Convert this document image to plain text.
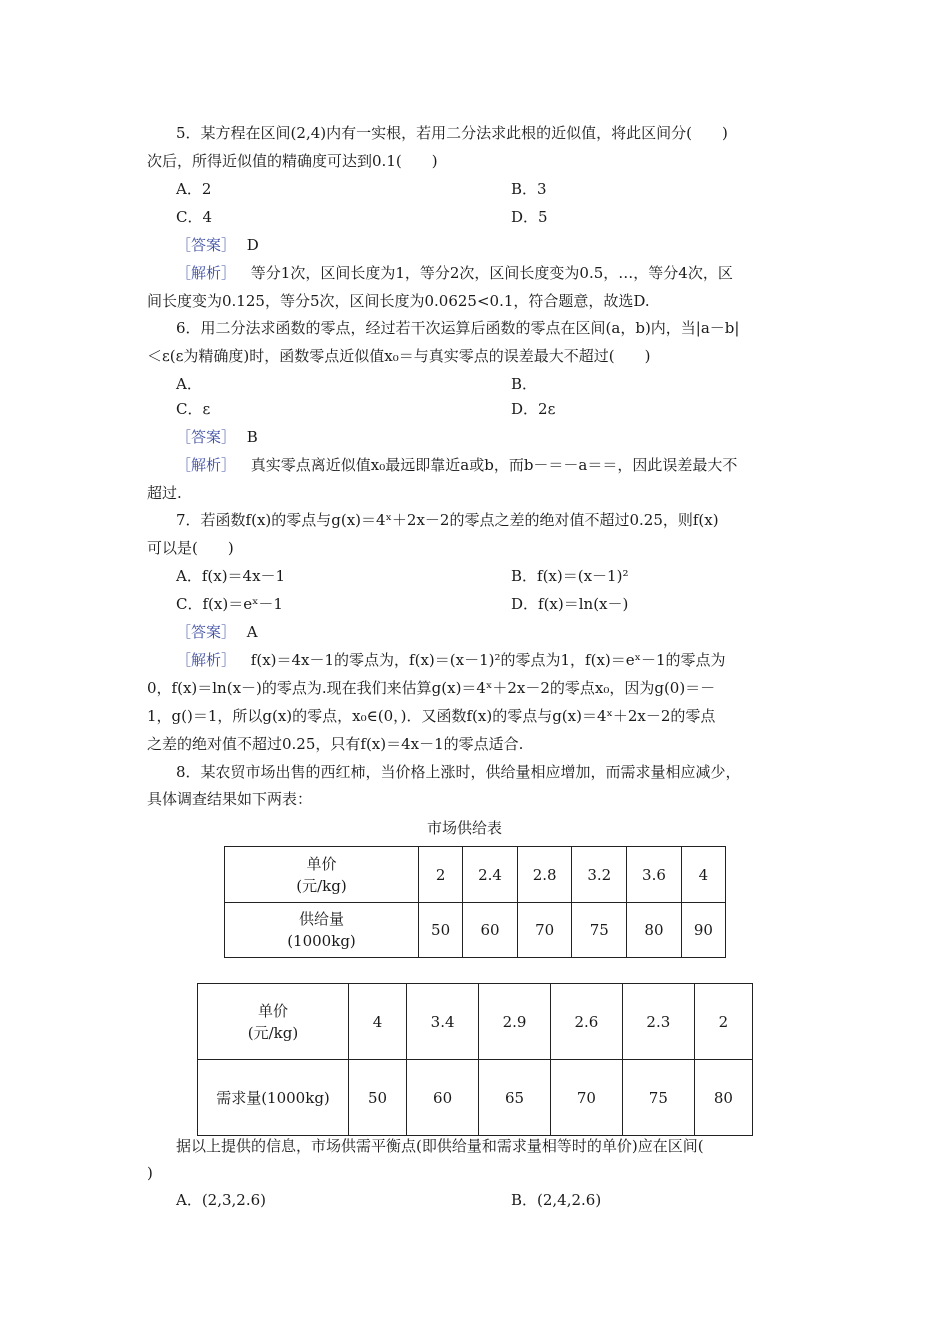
5．某方程在区间(2,4)内有一实根，若用二分法求此根的近似值，将此区间分(　　)
次后，所得近似值的精确度可达到0.1(　　)
A．2	B．3
C．4	D．5
［答案］ D
［解析］ 等分1次，区间长度为1，等分2次，区间长度变为0.5，…，等分4次，区
间长度变为0.125，等分5次，区间长度为0.0625<0.1，符合题意，故选D.
6．用二分法求函数的零点，经过若干次运算后函数的零点在区间(a，b)内，当|a－b|
＜ε(ε为精确度)时，函数零点近似值x₀＝与真实零点的误差最大不超过(　　)
A．	B．
C．ε	D．2ε
［答案］ B
［解析］ 真实零点离近似值x₀最远即靠近a或b，而b－＝－a＝＝，因此误差最大不
超过.
7．若函数f(x)的零点与g(x)＝4ˣ＋2x－2的零点之差的绝对值不超过0.25，则f(x)
可以是(　　)
A．f(x)＝4x－1	B．f(x)＝(x－1)²
C．f(x)＝eˣ－1	D．f(x)＝ln(x－)
［答案］ A
［解析］ f(x)＝4x－1的零点为，f(x)＝(x－1)²的零点为1，f(x)＝eˣ－1的零点为
0，f(x)＝ln(x－)的零点为.现在我们来估算g(x)＝4ˣ＋2x－2的零点x₀，因为g(0)＝－
1，g()＝1，所以g(x)的零点，x₀∈(0，)．又函数f(x)的零点与g(x)＝4ˣ＋2x－2的零点
之差的绝对值不超过0.25，只有f(x)＝4x－1的零点适合.
8．某农贸市场出售的西红柿，当价格上涨时，供给量相应增加，而需求量相应减少，
具体调查结果如下两表：
市场供给表
单价
(元/kg)	2	2.4	2.8	3.2	3.6	4

供给量
(1000kg)	50	60	70	75	80	90
单价
(元/kg)	4	3.4	2.9	2.6	2.3	2
需求量(1000kg)	50	60	65	70	75	80
据以上提供的信息，市场供需平衡点(即供给量和需求量相等时的单价)应在区间(
)
A．(2,3,2.6)	B．(2,4,2.6)
